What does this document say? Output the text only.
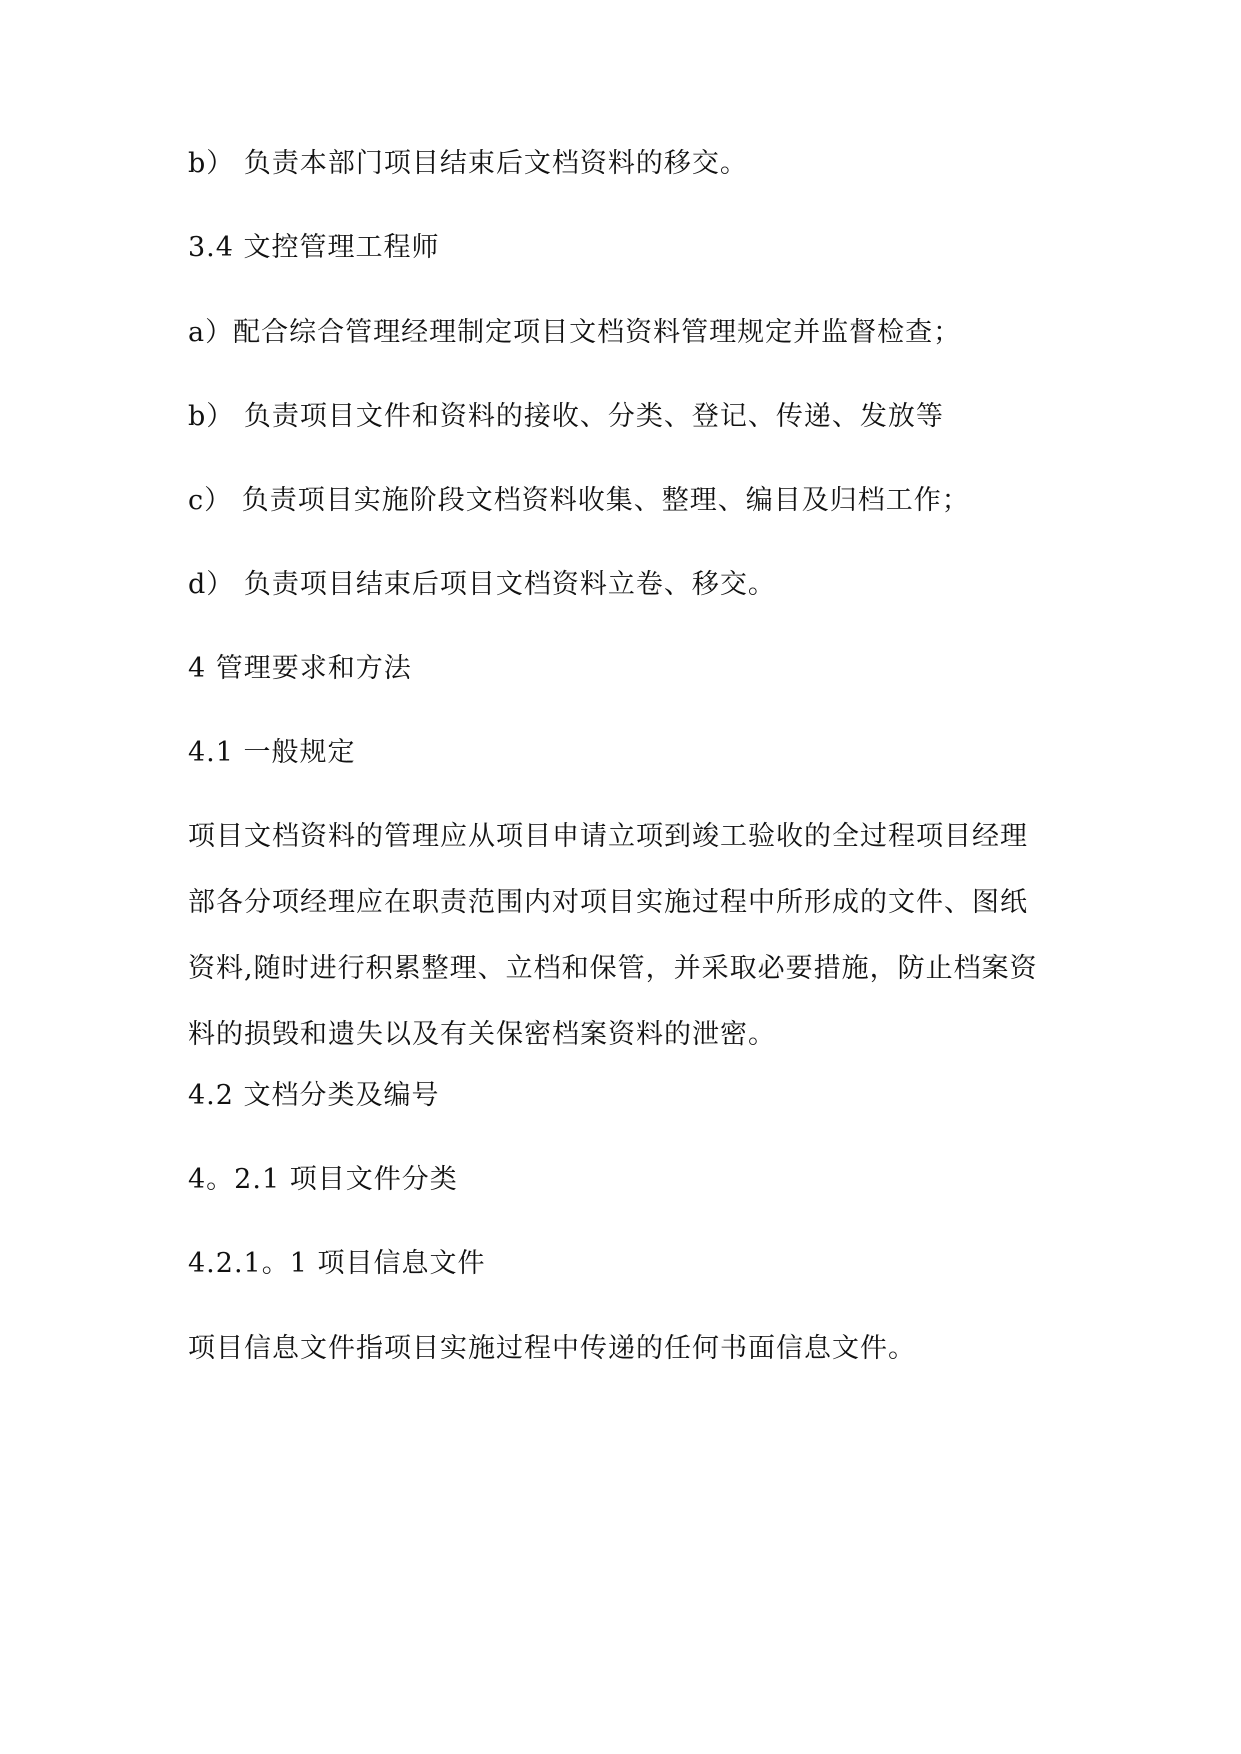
b） 负责本部门项目结束后文档资料的移交。
3.4 文控管理工程师
a）配合综合管理经理制定项目文档资料管理规定并监督检查；
b） 负责项目文件和资料的接收、分类、登记、传递、发放等
c） 负责项目实施阶段文档资料收集、整理、编目及归档工作；
d） 负责项目结束后项目文档资料立卷、移交。
4 管理要求和方法
4.1 一般规定
项目文档资料的管理应从项目申请立项到竣工验收的全过程项目经理
部各分项经理应在职责范围内对项目实施过程中所形成的文件、图纸
资料,随时进行积累整理、立档和保管，并采取必要措施，防止档案资
料的损毁和遗失以及有关保密档案资料的泄密。
4.2 文档分类及编号
4。2.1 项目文件分类
4.2.1。1 项目信息文件
项目信息文件指项目实施过程中传递的任何书面信息文件。
